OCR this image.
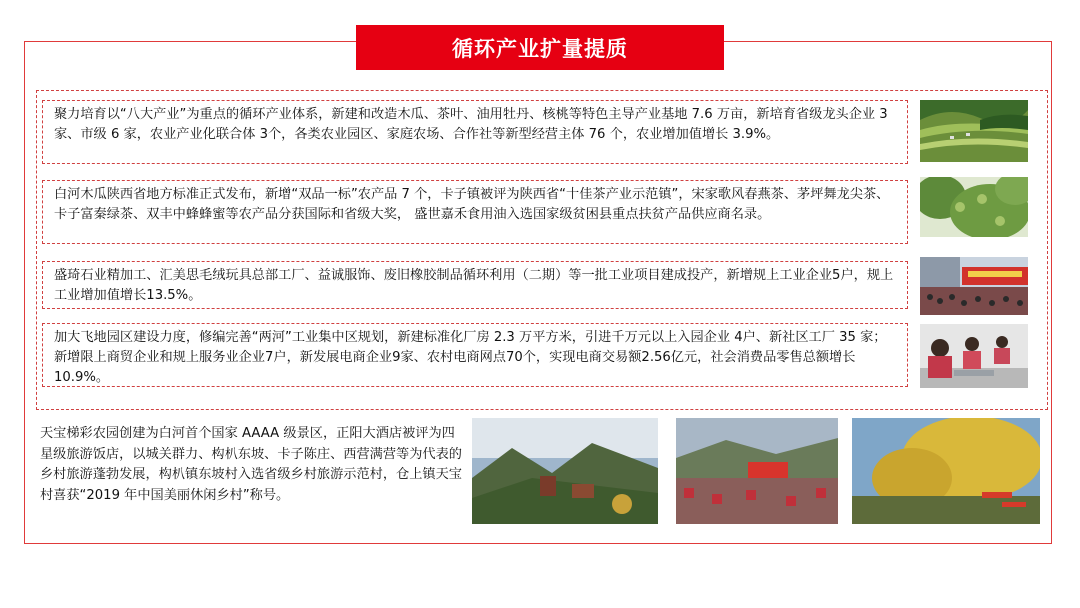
循环产业扩量提质
聚力培育以“八大产业”为重点的循环产业体系，新建和改造木瓜、茶叶、油用牡丹、核桃等特色主导产业基地 7.6 万亩，新培育省级龙头企业 3 家、市级 6 家，农业产业化联合体 3个，各类农业园区、家庭农场、合作社等新型经营主体 76 个，农业增加值增长 3.9%。
白河木瓜陕西省地方标准正式发布，新增“双品一标”农产品 7 个，卡子镇被评为陕西省“十佳茶产业示范镇”，宋家歌风春燕茶、茅坪舞龙尖茶、卡子富秦绿茶、双丰中蜂蜂蜜等农产品分获国际和省级大奖， 盛世嘉禾食用油入选国家级贫困县重点扶贫产品供应商名录。
盛琦石业精加工、汇美思毛绒玩具总部工厂、益诚服饰、废旧橡胶制品循环利用（二期）等一批工业项目建成投产，新增规上工业企业5户，规上工业增加值增长13.5%。
加大飞地园区建设力度，修编完善“两河”工业集中区规划，新建标准化厂房 2.3 万平方米，引进千万元以上入园企业 4户、新社区工厂 35 家；新增限上商贸企业和规上服务业企业7户，新发展电商企业9家、农村电商网点70个，实现电商交易额2.56亿元，社会消费品零售总额增长10.9%。
天宝梯彩农园创建为白河首个国家 AAAA 级景区，正阳大酒店被评为四星级旅游饭店，以城关群力、构朳东坡、卡子陈庄、西营满营等为代表的乡村旅游蓬勃发展，构朳镇东坡村入选省级乡村旅游示范村，仓上镇天宝村喜获“2019 年中国美丽休闲乡村”称号。
